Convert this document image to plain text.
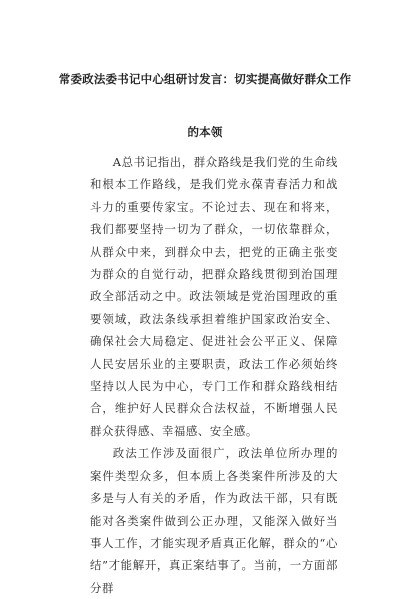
常委政法委书记中心组研讨发言：切实提高做好群众工作
的本领

A总书记指出，群众路线是我们党的生命线和根本工作路线，是我们党永葆青春活力和战斗力的重要传家宝。不论过去、现在和将来，我们都要坚持一切为了群众，一切依靠群众，从群众中来，到群众中去，把党的正确主张变为群众的自觉行动，把群众路线贯彻到治国理政全部活动之中。政法领域是党治国理政的重要领域，政法条线承担着维护国家政治安全、确保社会大局稳定、促进社会公平正义、保障人民安居乐业的主要职责，政法工作必须始终坚持以人民为中心，专门工作和群众路线相结合，维护好人民群众合法权益，不断增强人民群众获得感、幸福感、安全感。

政法工作涉及面很广，政法单位所办理的案件类型众多，但本质上各类案件所涉及的大多是与人有关的矛盾，作为政法干部，只有既能对各类案件做到公正办理，又能深入做好当事人工作，才能实现矛盾真正化解，群众的“心结”才能解开，真正案结事了。当前，一方面部分群
